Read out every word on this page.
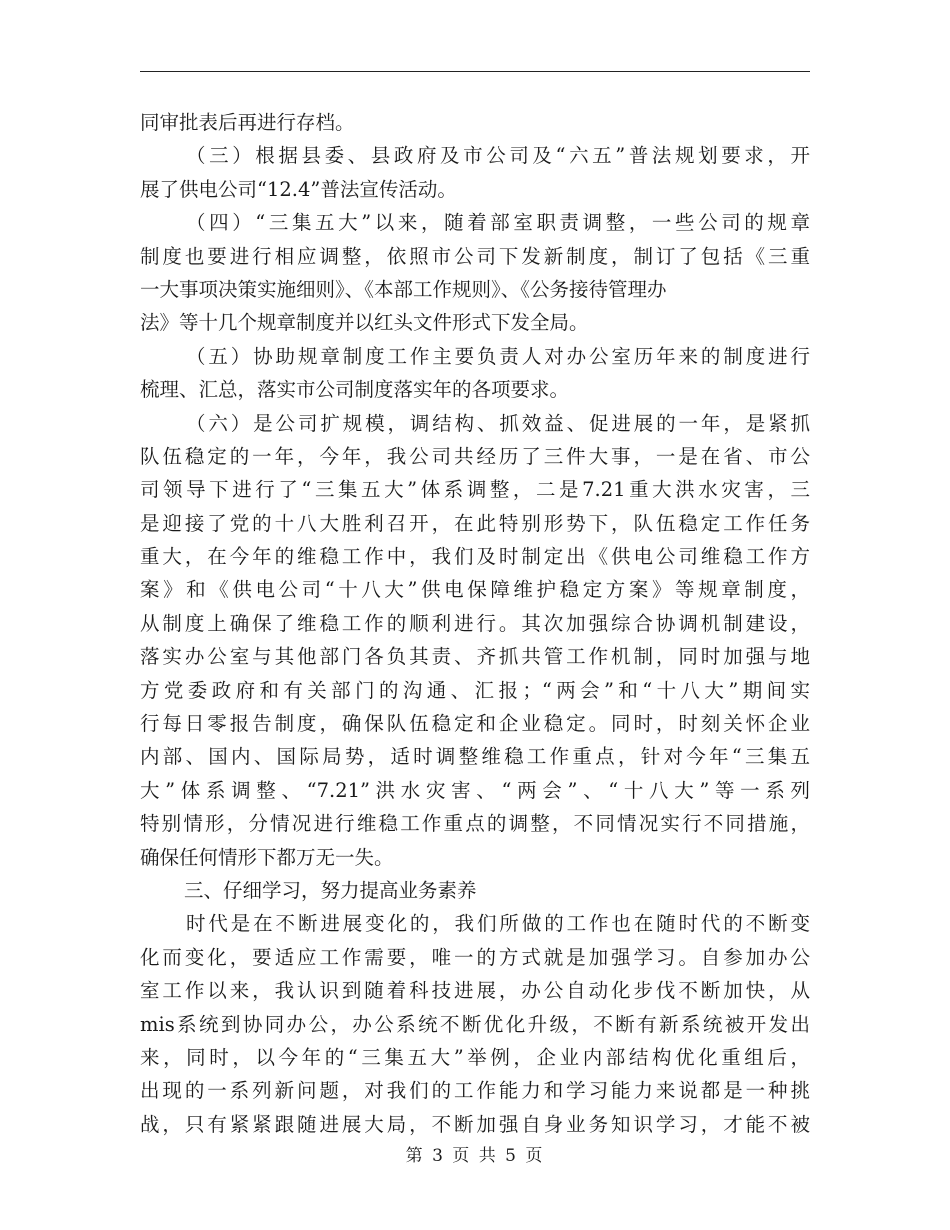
同审批表后再进行存档。
（三）根据县委、县政府及市公司及“六五”普法规划要求，开
展了供电公司“12.4”普法宣传活动。
（四）“三集五大”以来，随着部室职责调整，一些公司的规章
制度也要进行相应调整，依照市公司下发新制度，制订了包括《三重
一大事项决策实施细则》、《本部工作规则》、《公务接待管理办
法》等十几个规章制度并以红头文件形式下发全局。
（五）协助规章制度工作主要负责人对办公室历年来的制度进行
梳理、汇总，落实市公司制度落实年的各项要求。
（六）是公司扩规模，调结构、抓效益、促进展的一年，是紧抓
队伍稳定的一年，今年，我公司共经历了三件大事，一是在省、市公
司领导下进行了“三集五大”体系调整，二是7.21重大洪水灾害，三
是迎接了党的十八大胜利召开，在此特别形势下，队伍稳定工作任务
重大，在今年的维稳工作中，我们及时制定出《供电公司维稳工作方
案》和《供电公司“十八大”供电保障维护稳定方案》等规章制度，
从制度上确保了维稳工作的顺利进行。其次加强综合协调机制建设，
落实办公室与其他部门各负其责、齐抓共管工作机制，同时加强与地
方党委政府和有关部门的沟通、汇报；“两会”和“十八大”期间实
行每日零报告制度，确保队伍稳定和企业稳定。同时，时刻关怀企业
内部、国内、国际局势，适时调整维稳工作重点，针对今年“三集五
大”体系调整、“7.21”洪水灾害、“两会”、“十八大”等一系列
特别情形，分情况进行维稳工作重点的调整，不同情况实行不同措施，
确保任何情形下都万无一失。
三、仔细学习，努力提高业务素养
时代是在不断进展变化的，我们所做的工作也在随时代的不断变
化而变化，要适应工作需要，唯一的方式就是加强学习。自参加办公
室工作以来，我认识到随着科技进展，办公自动化步伐不断加快，从
mis系统到协同办公，办公系统不断优化升级，不断有新系统被开发出
来，同时，以今年的“三集五大”举例，企业内部结构优化重组后，
出现的一系列新问题，对我们的工作能力和学习能力来说都是一种挑
战，只有紧紧跟随进展大局，不断加强自身业务知识学习，才能不被
第 3 页 共 5 页
